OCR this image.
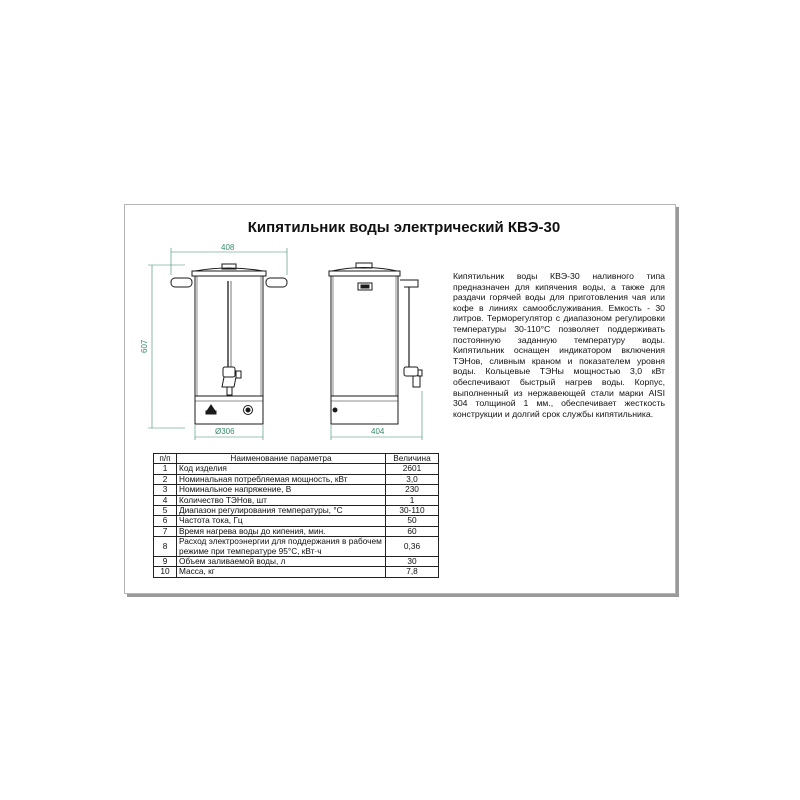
Кипятильник воды электрический КВЭ-30
408
607
Ø306	404
Кипятильник воды КВЭ-30 наливного типа предназначен для кипячения воды, а также для раздачи горячей воды для приготовления чая или кофе в линиях самообслуживания. Емкость - 30 литров. Терморегулятор с диапазоном регулировки температуры 30-110°С позволяет поддерживать постоянную заданную температуру воды. Кипятильник оснащен индикатором включения ТЭНов, сливным краном и показателем уровня воды. Кольцевые ТЭНы мощностью 3,0 кВт обеспечивают быстрый нагрев воды. Корпус, выполненный из нержавеющей стали марки AISI 304 толщиной 1 мм., обеспечивает жесткость конструкции и долгий срок службы кипятильника.
п/п	Наименование параметра	Величина
1	Код изделия	2601
2	Номинальная потребляемая мощность, кВт	3,0
3	Номинальное напряжение, В	230
4	Количество ТЭНов, шт	1
5	Диапазон регулирования температуры, °С	30-110
6	Частота тока, Гц	50
7	Время нагрева воды до кипения, мин.	60
8	Расход электроэнергии для поддержания в рабочем режиме при температуре 95°С, кВт·ч	0,36
9	Объем заливаемой воды, л	30
10	Масса, кг	7,8
